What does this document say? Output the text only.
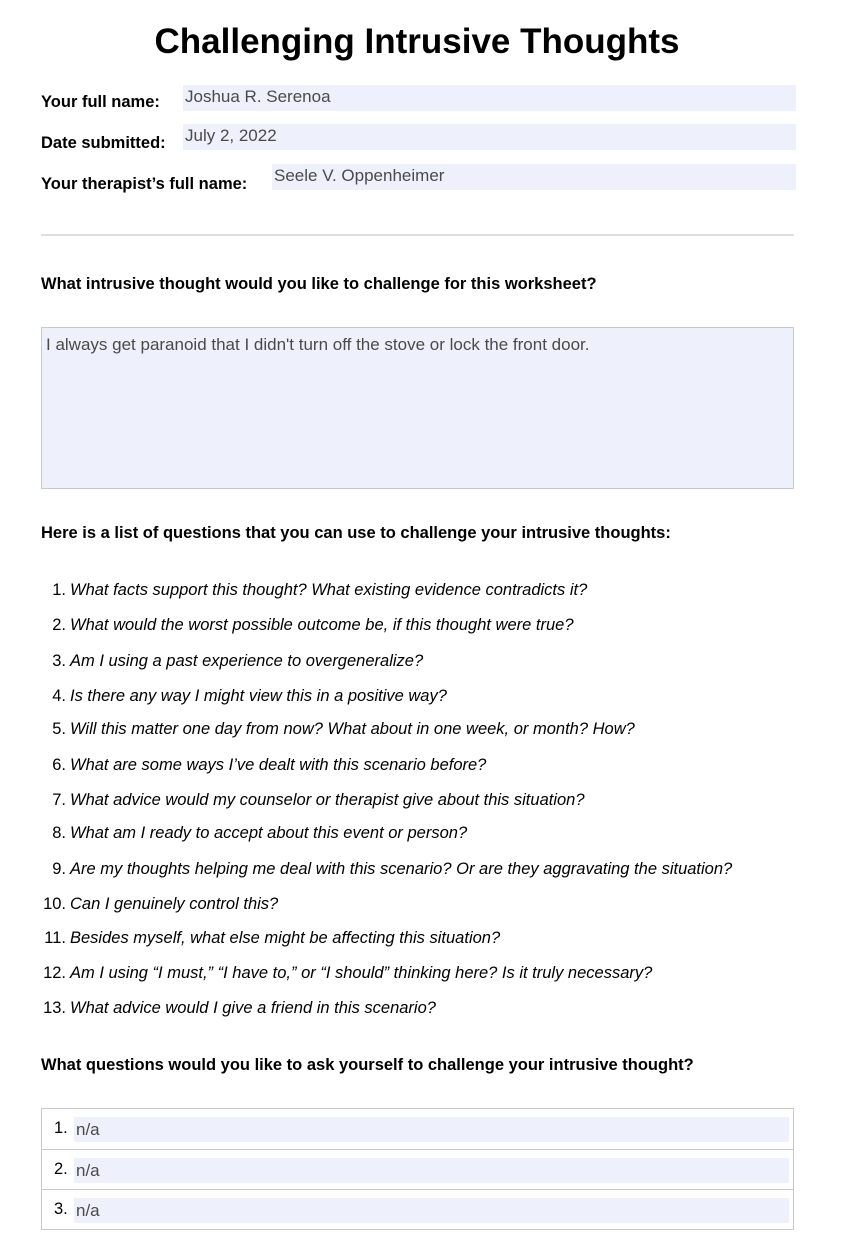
Challenging Intrusive Thoughts
Your full name: Joshua R. Serenoa
Date submitted: July 2, 2022
Your therapist’s full name: Seele V. Oppenheimer
What intrusive thought would you like to challenge for this worksheet?
I always get paranoid that I didn't turn off the stove or lock the front door.
Here is a list of questions that you can use to challenge your intrusive thoughts:
1. What facts support this thought? What existing evidence contradicts it?
2. What would the worst possible outcome be, if this thought were true?
3. Am I using a past experience to overgeneralize?
4. Is there any way I might view this in a positive way?
5. Will this matter one day from now? What about in one week, or month? How?
6. What are some ways I’ve dealt with this scenario before?
7. What advice would my counselor or therapist give about this situation?
8. What am I ready to accept about this event or person?
9. Are my thoughts helping me deal with this scenario? Or are they aggravating the situation?
10. Can I genuinely control this?
11. Besides myself, what else might be affecting this situation?
12. Am I using “I must,” “I have to,” or “I should” thinking here? Is it truly necessary?
13. What advice would I give a friend in this scenario?
What questions would you like to ask yourself to challenge your intrusive thought?
1. n/a
2. n/a
3. n/a
